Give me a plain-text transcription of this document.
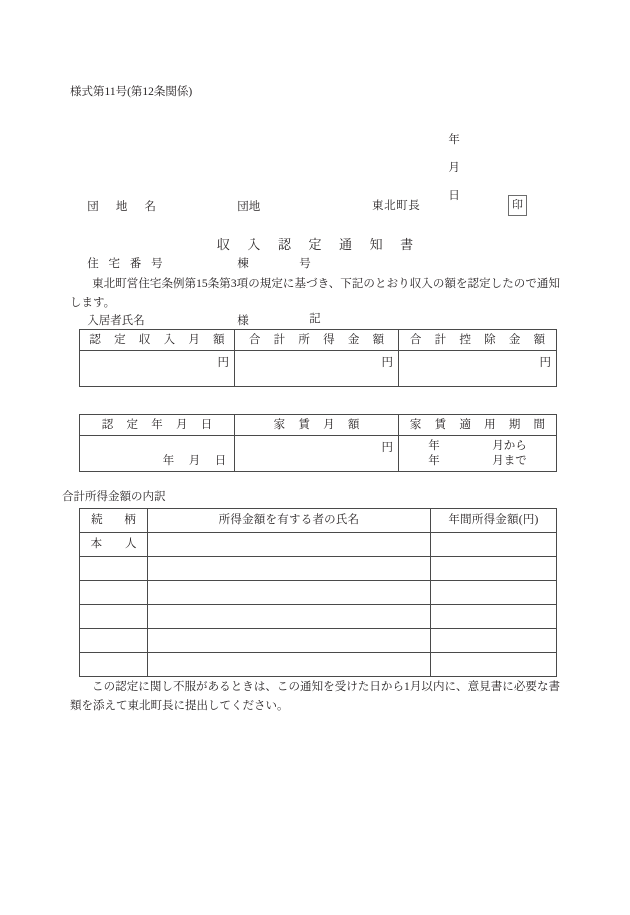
様式第11号(第12条関係)

年

月

日

団 地 名	団地

住 宅 番 号	棟	号

入居者氏名	様

東北町長	印
収入認定通知書
東北町営住宅条例第15条第3項の規定に基づき、下記のとおり収入の額を認定したので通知します。
記
認 定 収 入 月 額	合 計 所 得 金 額	合 計 控 除 金 額

円	円	円
認 定 年 月 日	家 賃 月 額	家 賃 適 用 期 間

年 月 日	円	年 月から
年 月まで
合計所得金額の内訳
続　柄	所得金額を有する者の氏名	年間所得金額(円)
本　人		

この認定に関し不服があるときは、この通知を受けた日から1月以内に、意見書に必要な書類を添えて東北町長に提出してください。
